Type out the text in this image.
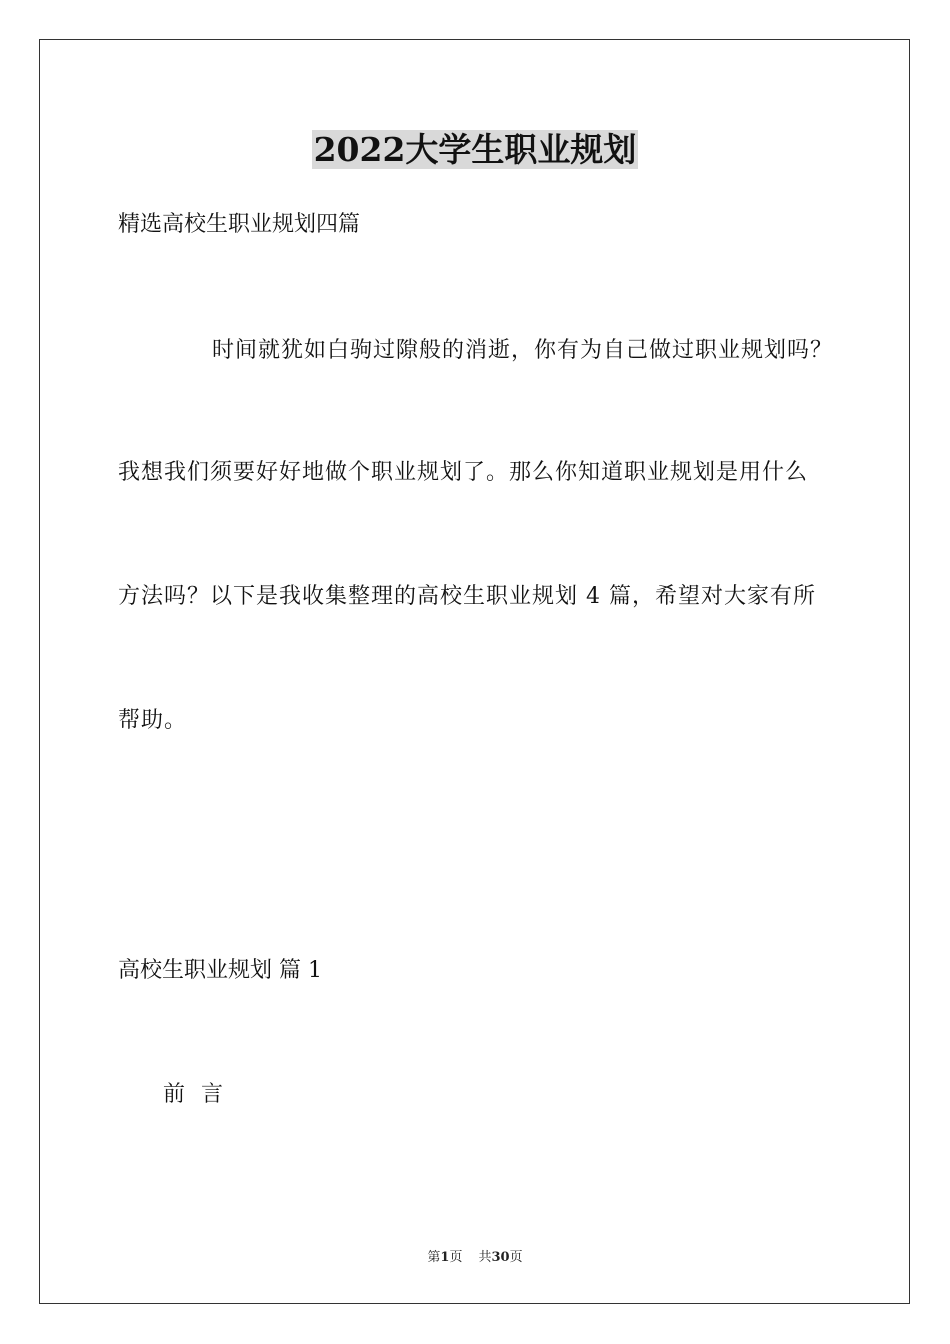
2022大学生职业规划
精选高校生职业规划四篇
时间就犹如白驹过隙般的消逝，你有为自己做过职业规划吗？
我想我们须要好好地做个职业规划了。那么你知道职业规划是用什么
方法吗？以下是我收集整理的高校生职业规划 4 篇，希望对大家有所
帮助。
高校生职业规划 篇 1
前 言
第1页 共30页
